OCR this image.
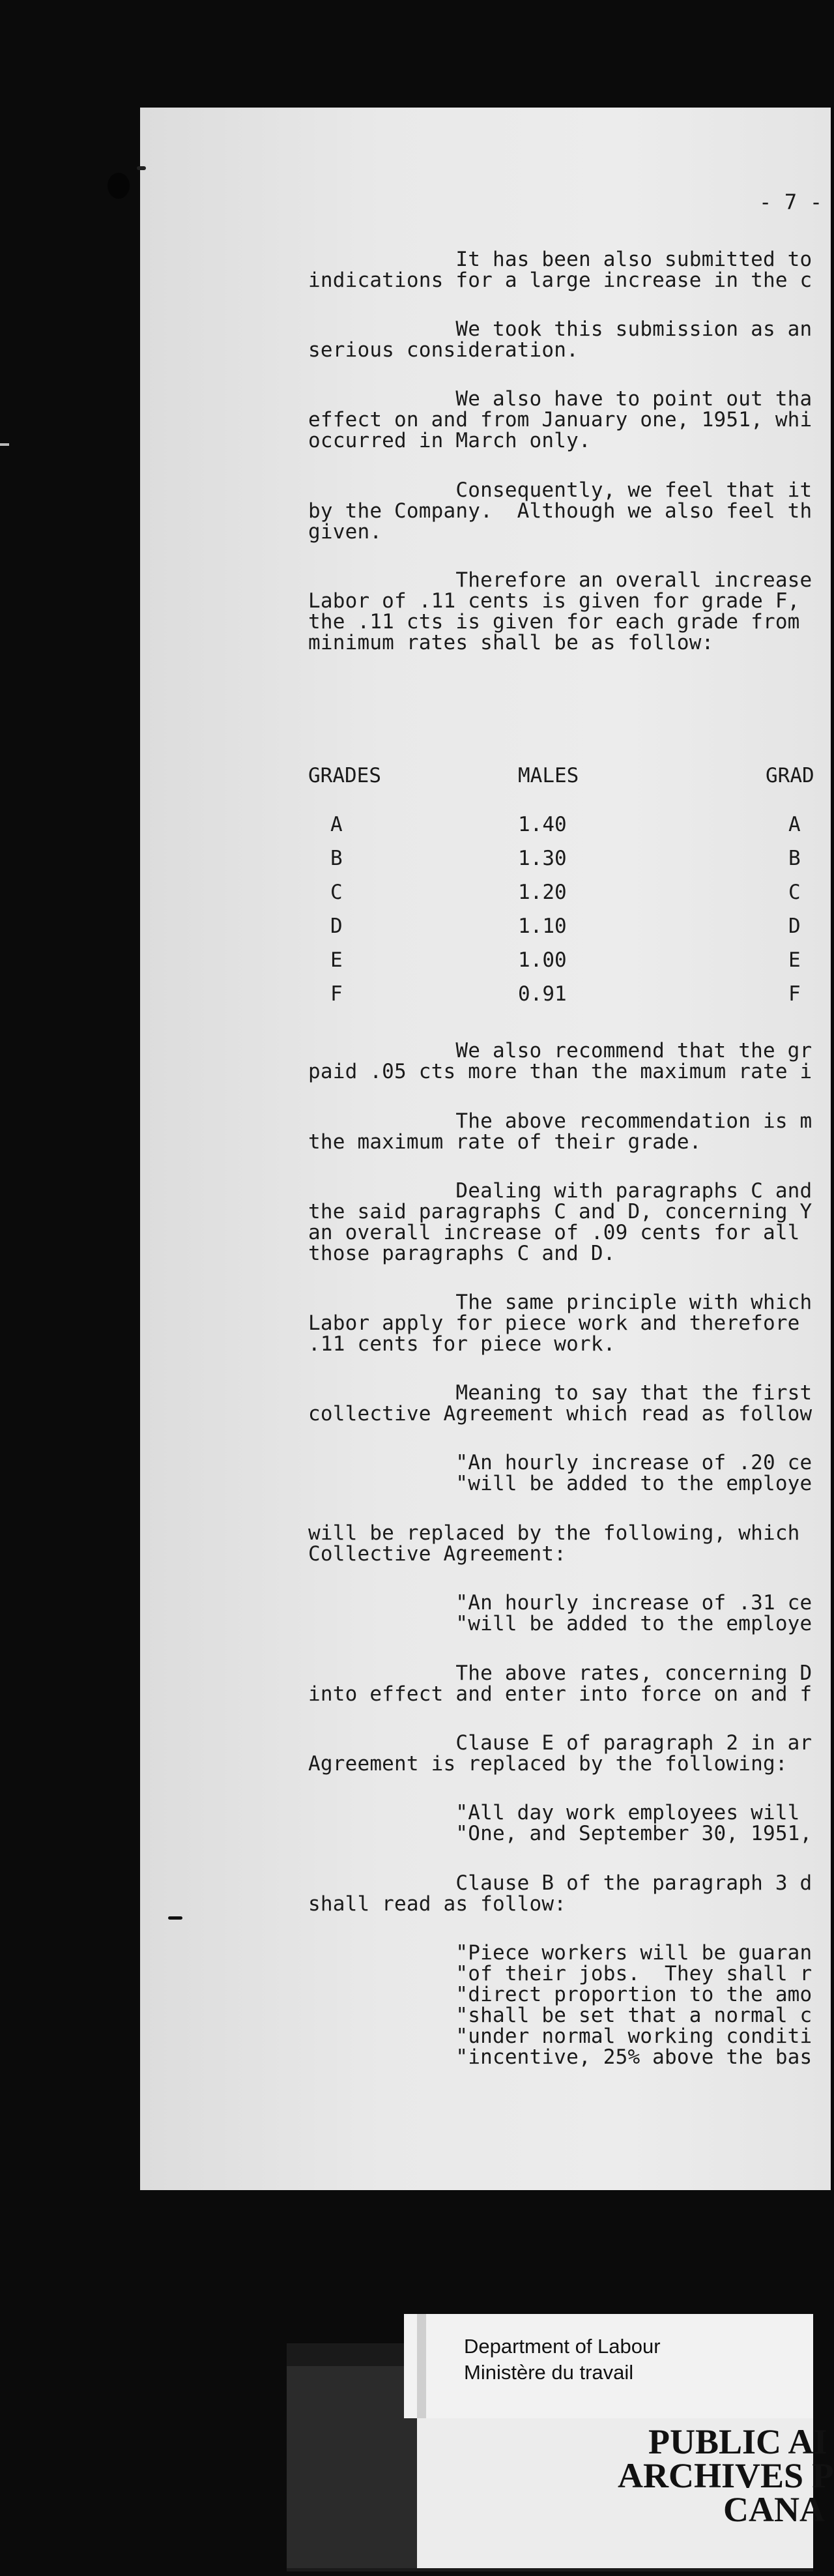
- 7 -
It has been also submitted to
indications for a large increase in the c
We took this submission as an
serious consideration.
We also have to point out tha
effect on and from January one, 1951, whi
occurred in March only.
Consequently, we feel that it
by the Company.  Although we also feel th
given.
Therefore an overall increase
Labor of .11 cents is given for grade F,
the .11 cts is given for each grade from
minimum rates shall be as follow:
GRADES	MALES	GRAD
A	1.40	A
B	1.30	B
C	1.20	C
D	1.10	D
E	1.00	E
F	0.91	F
We also recommend that the gr
paid .05 cts more than the maximum rate i
The above recommendation is m
the maximum rate of their grade.
Dealing with paragraphs C and
the said paragraphs C and D, concerning Y
an overall increase of .09 cents for all
those paragraphs C and D.
The same principle with which
Labor apply for piece work and therefore
.11 cents for piece work.
Meaning to say that the first
collective Agreement which read as follow
"An hourly increase of .20 ce
"will be added to the employe
will be replaced by the following, which
Collective Agreement:
"An hourly increase of .31 ce
"will be added to the employe
The above rates, concerning D
into effect and enter into force on and f
Clause E of paragraph 2 in ar
Agreement is replaced by the following:
"All day work employees will
"One, and September 30, 1951,
Clause B of the paragraph 3 d
shall read as follow:
"Piece workers will be guaran
"of their jobs.  They shall r
"direct proportion to the amo
"shall be set that a normal c
"under normal working conditi
"incentive, 25% above the bas
Department of Labour
Ministère du travail
PUBLIC AI
ARCHIVES P
CANA
